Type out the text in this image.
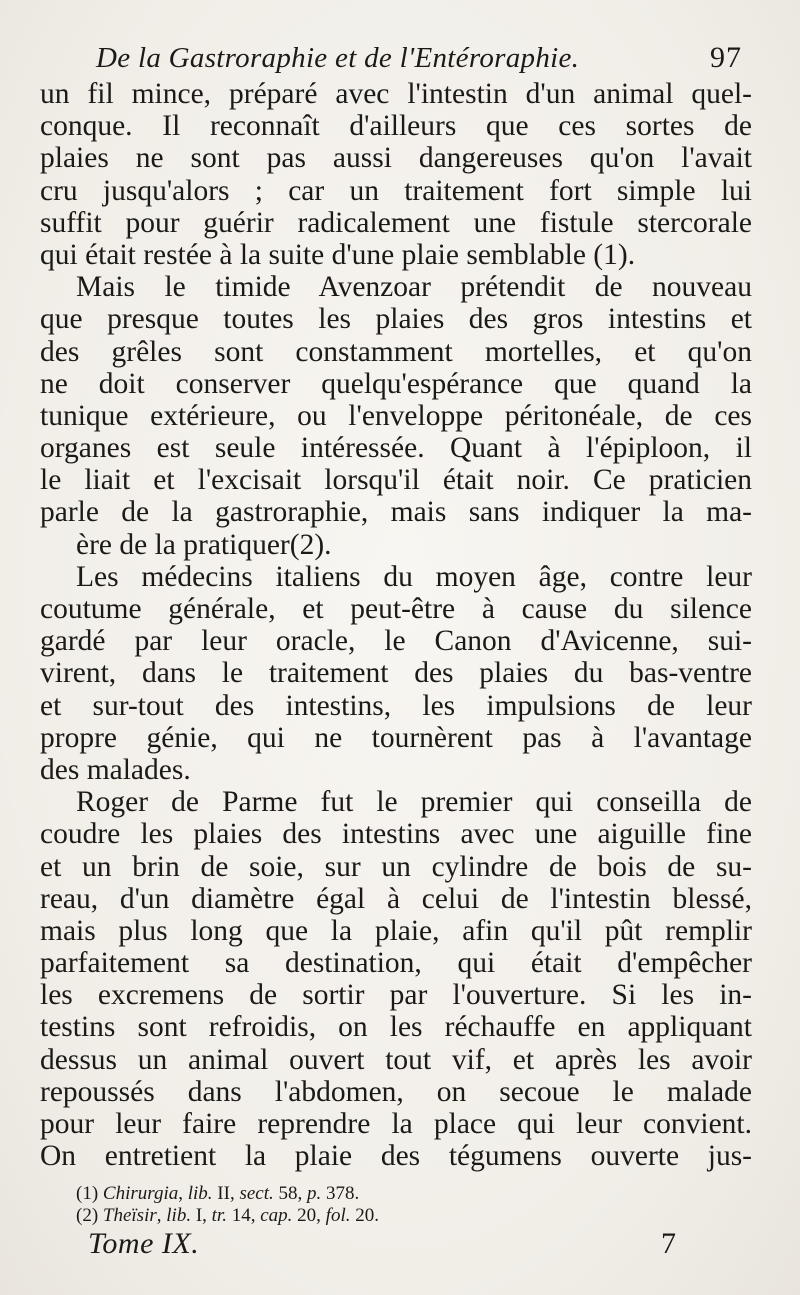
De la Gastroraphie et de l'Entéroraphie.	97
un fil mince, préparé avec l'intestin d'un animal quel-
conque. Il reconnaît d'ailleurs que ces sortes de
plaies ne sont pas aussi dangereuses qu'on l'avait
cru jusqu'alors ; car un traitement fort simple lui
suffit pour guérir radicalement une fistule stercorale
qui était restée à la suite d'une plaie semblable (1).
Mais le timide Avenzoar prétendit de nouveau
que presque toutes les plaies des gros intestins et
des grêles sont constamment mortelles, et qu'on
ne doit conserver quelqu'espérance que quand la
tunique extérieure, ou l'enveloppe péritonéale, de ces
organes est seule intéressée. Quant à l'épiploon, il
le liait et l'excisait lorsqu'il était noir. Ce praticien
parle de la gastroraphie, mais sans indiquer la ma-
ère de la pratiquer(2).
Les médecins italiens du moyen âge, contre leur
coutume générale, et peut-être à cause du silence
gardé par leur oracle, le Canon d'Avicenne, sui-
virent, dans le traitement des plaies du bas-ventre
et sur-tout des intestins, les impulsions de leur
propre génie, qui ne tournèrent pas à l'avantage
des malades.
Roger de Parme fut le premier qui conseilla de
coudre les plaies des intestins avec une aiguille fine
et un brin de soie, sur un cylindre de bois de su-
reau, d'un diamètre égal à celui de l'intestin blessé,
mais plus long que la plaie, afin qu'il pût remplir
parfaitement sa destination, qui était d'empêcher
les excremens de sortir par l'ouverture. Si les in-
testins sont refroidis, on les réchauffe en appliquant
dessus un animal ouvert tout vif, et après les avoir
repoussés dans l'abdomen, on secoue le malade
pour leur faire reprendre la place qui leur convient.
On entretient la plaie des tégumens ouverte jus-
(1) Chirurgia, lib. II, sect. 58, p. 378.
(2) Theïsir, lib. I, tr. 14, cap. 20, fol. 20.
Tome IX.	7
